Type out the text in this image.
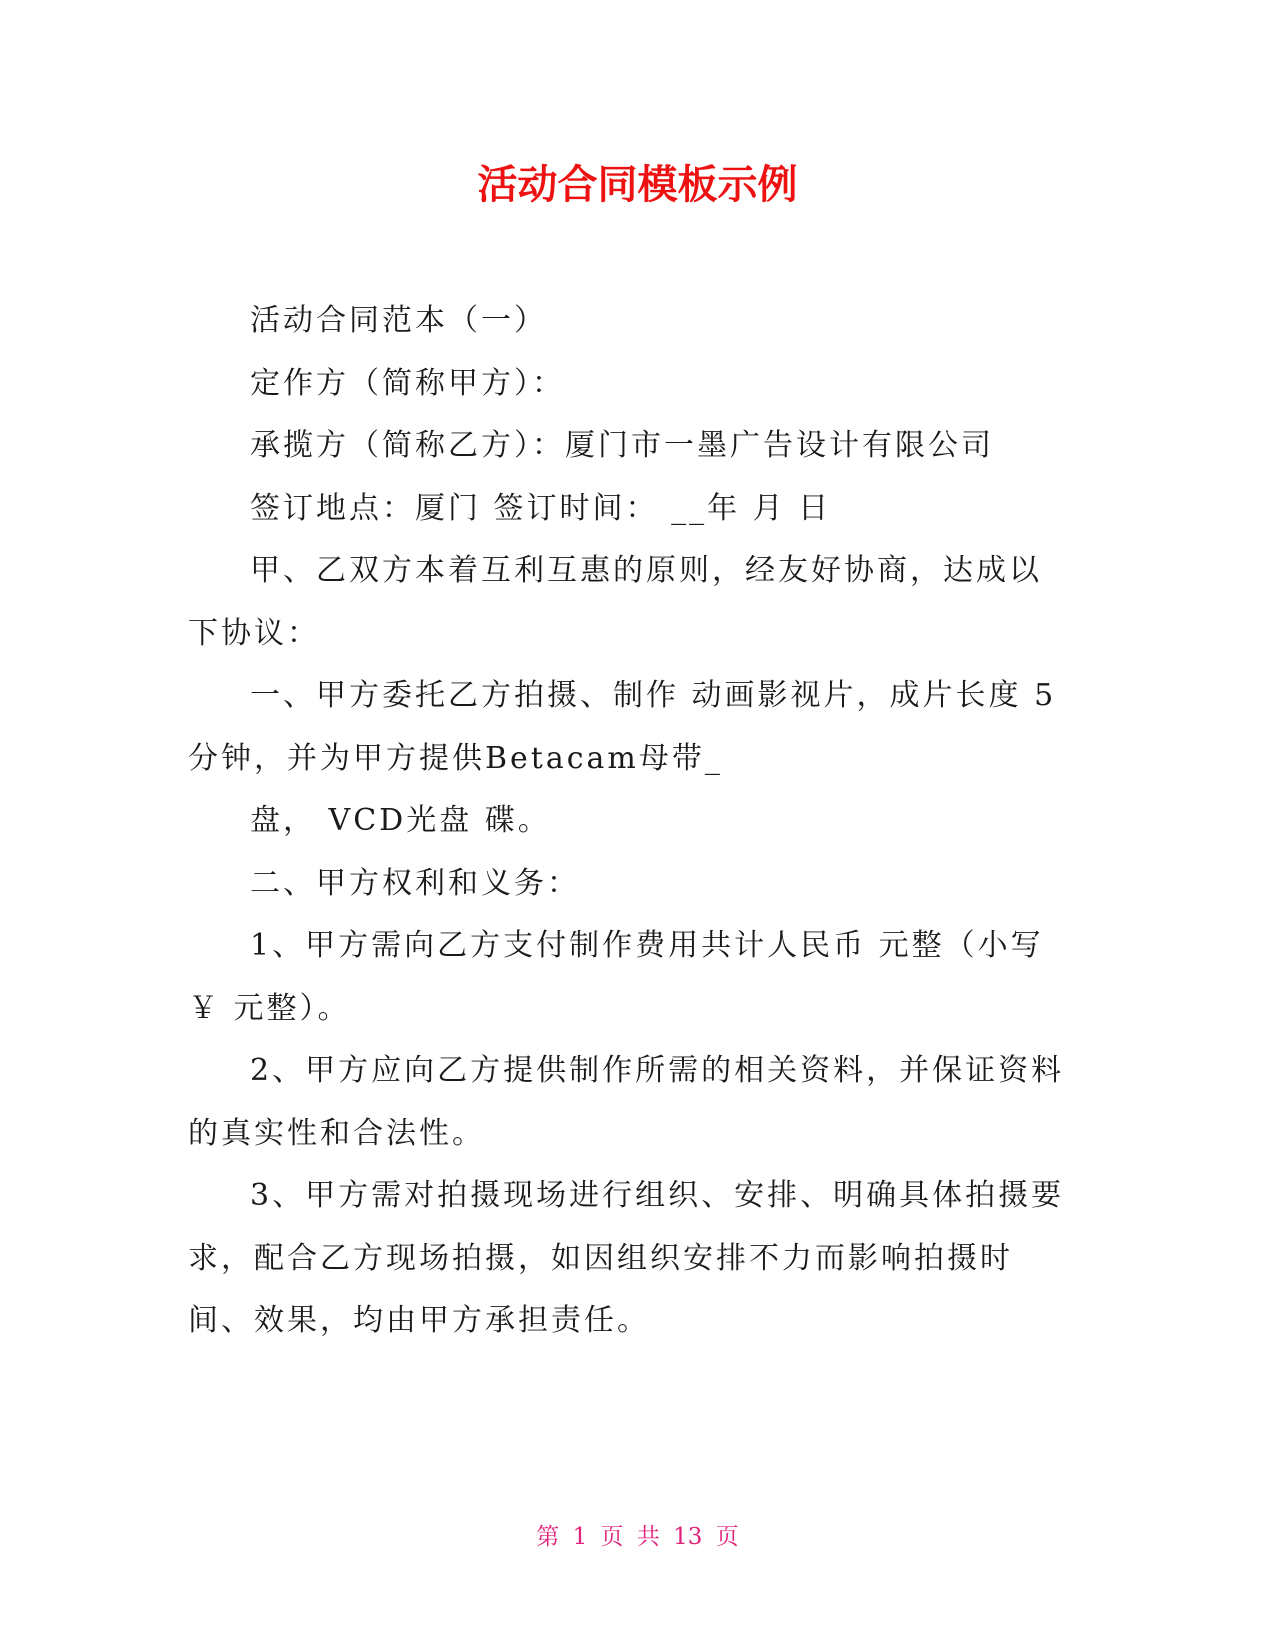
活动合同模板示例

活动合同范本（一）

定作方（简称甲方）：

承揽方（简称乙方）：厦门市一墨广告设计有限公司

签订地点：厦门 签订时间： __年 月 日

甲、乙双方本着互利互惠的原则，经友好协商，达成以下协议：

一、甲方委托乙方拍摄、制作 动画影视片，成片长度 5 分钟，并为甲方提供Betacam母带_

盘， VCD光盘 碟。

二、甲方权利和义务：

1、甲方需向乙方支付制作费用共计人民币 元整（小写￥ 元整）。

2、甲方应向乙方提供制作所需的相关资料，并保证资料的真实性和合法性。

3、甲方需对拍摄现场进行组织、安排、明确具体拍摄要求，配合乙方现场拍摄，如因组织安排不力而影响拍摄时间、效果，均由甲方承担责任。

第 1 页 共 13 页
